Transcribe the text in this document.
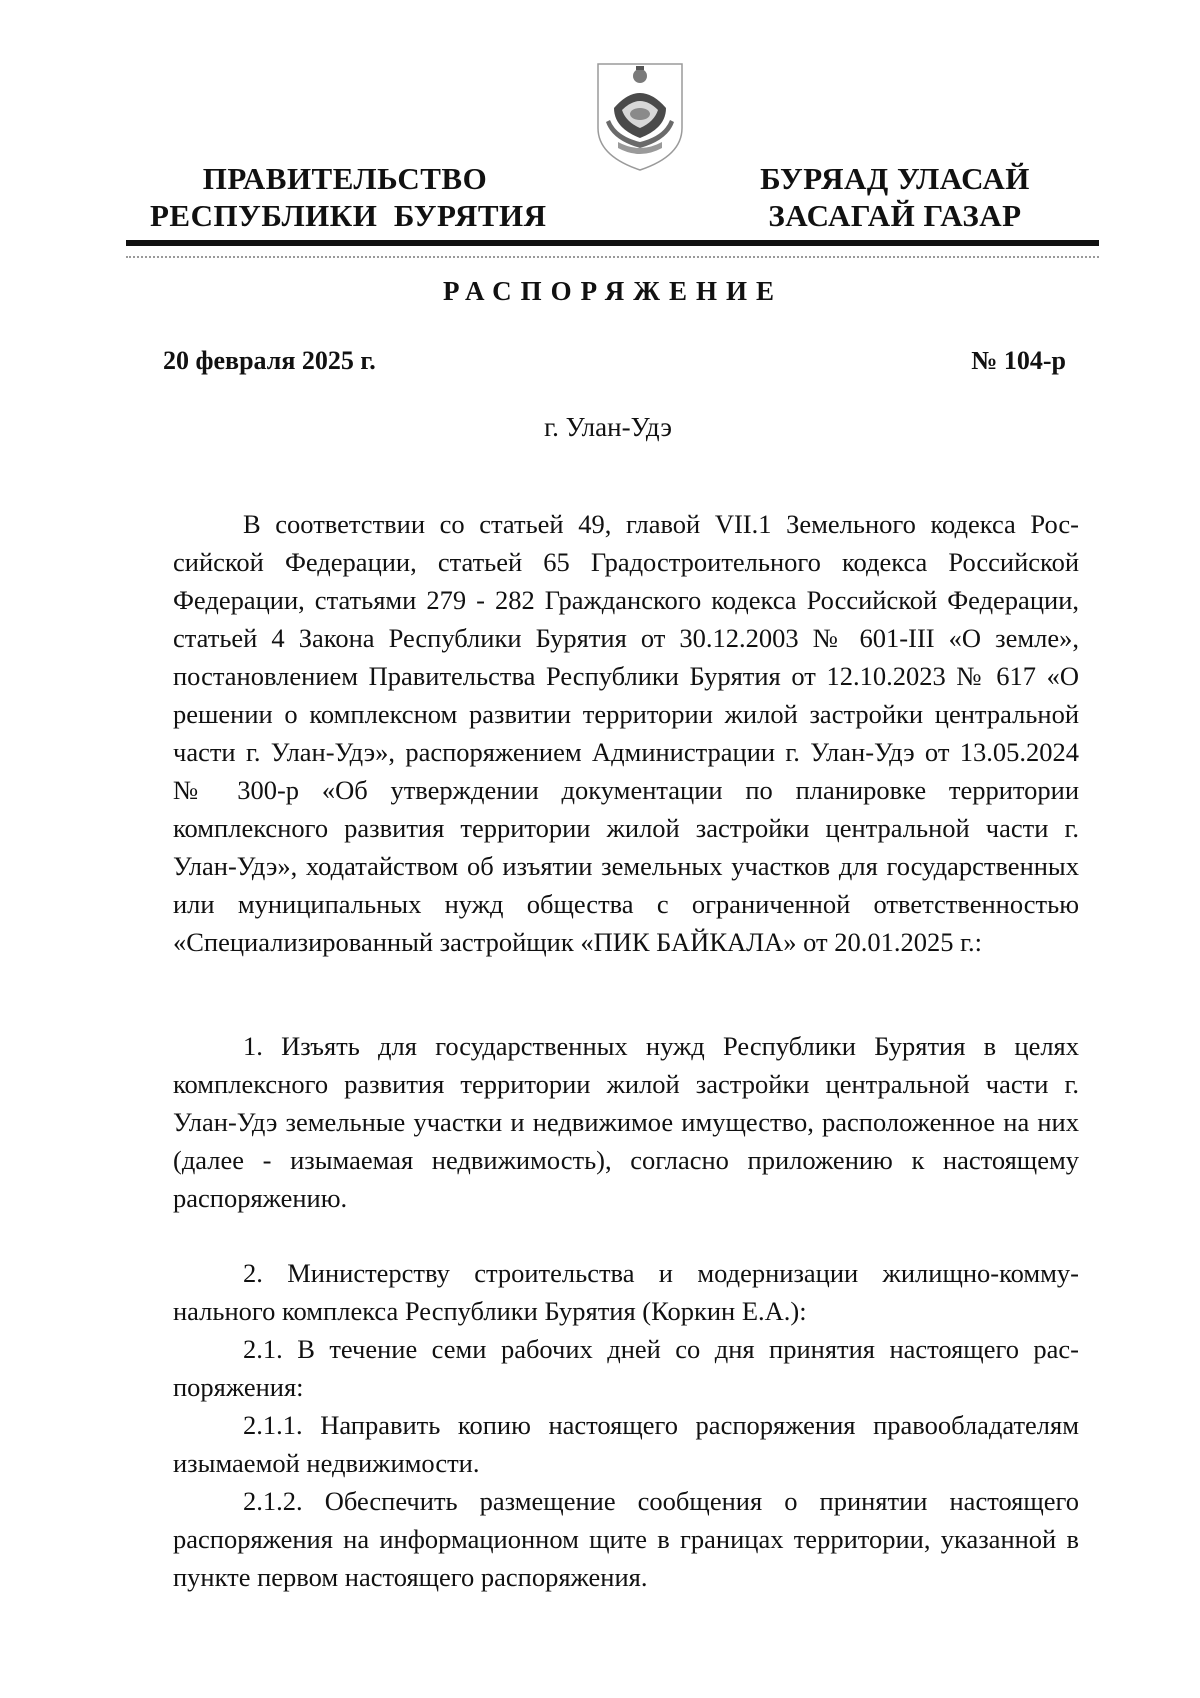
ПРАВИТЕЛЬСТВО
РЕСПУБЛИКИ  БУРЯТИЯ
БУРЯАД УЛАСАЙ
ЗАСАГАЙ ГАЗАР
РАСПОРЯЖЕНИЕ
20 февраля 2025 г.	№ 104-р
г. Улан-Удэ

В соответствии со статьей 49, главой VII.1 Земельного кодекса Российской Федерации, статьей 65 Градостроительного кодекса Российской Федерации, статьями 279 - 282 Гражданского кодекса Российской Федерации, статьей 4 Закона Республики Бурятия от 30.12.2003 № 601-III «О земле», постановлением Правительства Республики Бурятия от 12.10.2023 № 617 «О решении о комплексном развитии территории жилой застройки центральной части г. Улан-Удэ», распоряжением Администрации г. Улан-Удэ от 13.05.2024 № 300-р «Об утверждении документации по планировке территории комплексного развития территории жилой застройки центральной части г. Улан-Удэ», ходатайством об изъятии земельных участков для государственных или муниципальных нужд общества с ограниченной ответственностью «Специализированный застройщик «ПИК БАЙКАЛА» от 20.01.2025 г.:

1. Изъять для государственных нужд Республики Бурятия в целях комплексного развития территории жилой застройки центральной части г. Улан-Удэ земельные участки и недвижимое имущество, расположенное на них (далее - изымаемая недвижимость), согласно приложению к настоящему распоряжению.

2. Министерству строительства и модернизации жилищно-коммунального комплекса Республики Бурятия (Коркин Е.А.):

2.1. В течение семи рабочих дней со дня принятия настоящего распоряжения:

2.1.1. Направить копию настоящего распоряжения правообладателям изымаемой недвижимости.

2.1.2. Обеспечить размещение сообщения о принятии настоящего распоряжения на информационном щите в границах территории, указанной в пункте первом настоящего распоряжения.
